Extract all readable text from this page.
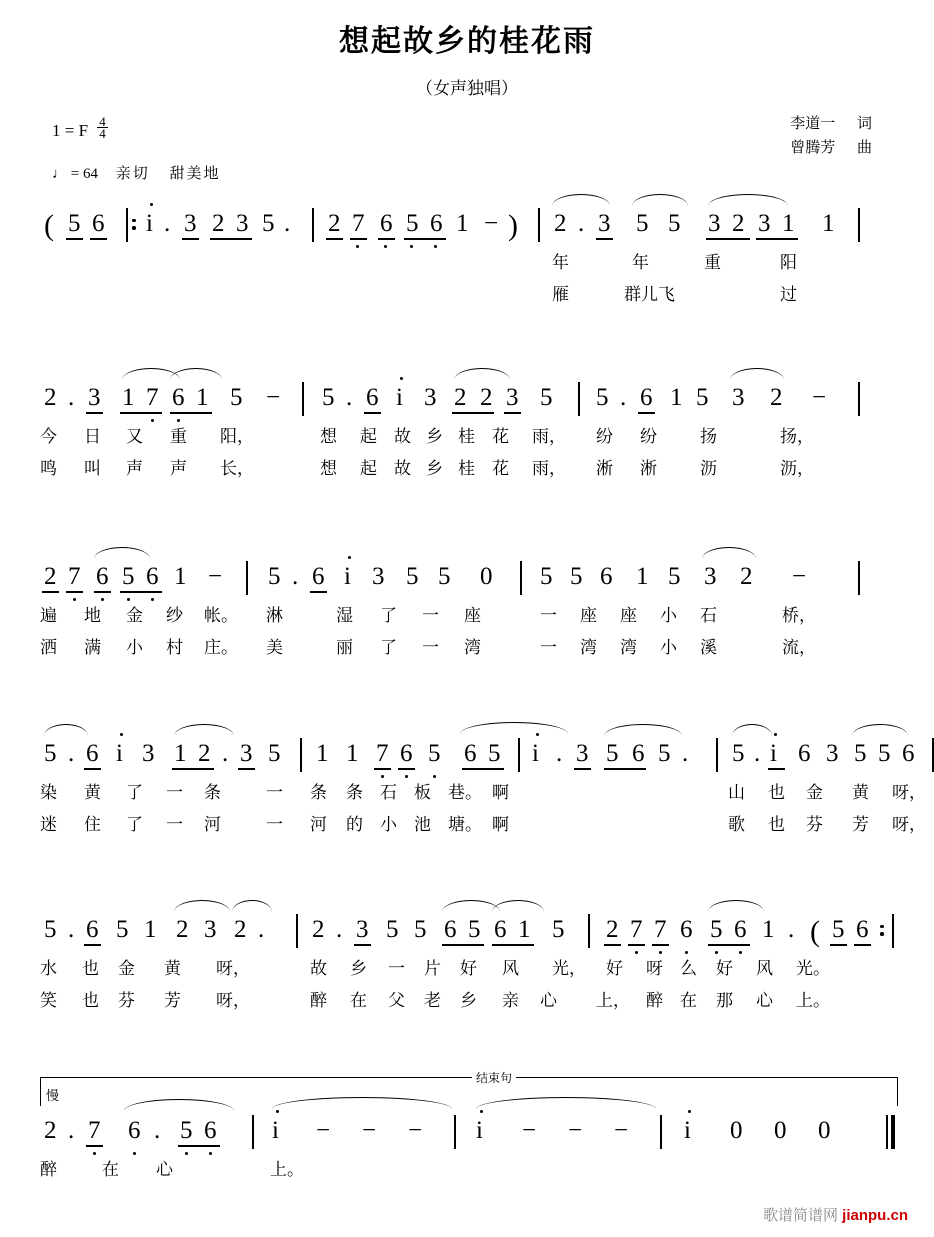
想起故乡的桂花雨
（女声独唱）
李道一 词
曾腾芳 曲
1 = F $\frac{4}{4}$
♩ = 64 亲切 甜美地
( 5 6 i . 3 2 3 5 . 2 7 6 5 6 1 − ) 2 . 3 5 5 3 2 3 1 1
年	年	重	阳
雁	群儿飞	过
2 . 3 1 7 6 1 5 − 5 . 6 i 3 2 2 3 5 5 . 6 1 5 3 2 −
今 日 又 重 阳，	想 起 故 乡 桂 花 雨， 纷 纷	扬	扬，
鸣 叫 声 声 长，	想 起 故 乡 桂 花 雨， 淅 淅	沥	沥，
2 7 6 5 6 1 − 5 . 6 i 3 5 5 0 5 5 6 1 5 3 2 −
遍 地 金 纱 帐。 淋	湿 了 一 座	一 座 座 小 石	桥，
洒 满 小 村 庄。 美	丽 了 一 湾	一 湾 湾 小 溪	流，
5 . 6 i 3 1 2 . 3 5 1 1 7 6 5 6 5 i . 3 5 6 5 . 5 . i 6 3 5 5 6
染 黄 了 一 条	一 条 条 石 板 巷。 啊	山 也 金 黄 呀，
迷 住 了 一 河	一 河 的 小 池 塘。 啊	歌 也 芬 芳 呀，
5 . 6 5 1 2 3 2 . 2 . 3 5 5 6 5 6 1 5 2 7 7 6 5 6 1 . ( 5 6
水 也 金 黄 呀，	故 乡 一 片 好 风 光， 好 呀 么 好 风 光。
笑 也 芬 芳 呀，	醉 在 父 老 乡 亲 心 上， 醉 在 那 心 上。
结束句
慢
2 . 7 6 . 5 6 i − − − i − − − i 0 0 0
醉	在 心	上。
歌谱简谱网 jianpu.cn
